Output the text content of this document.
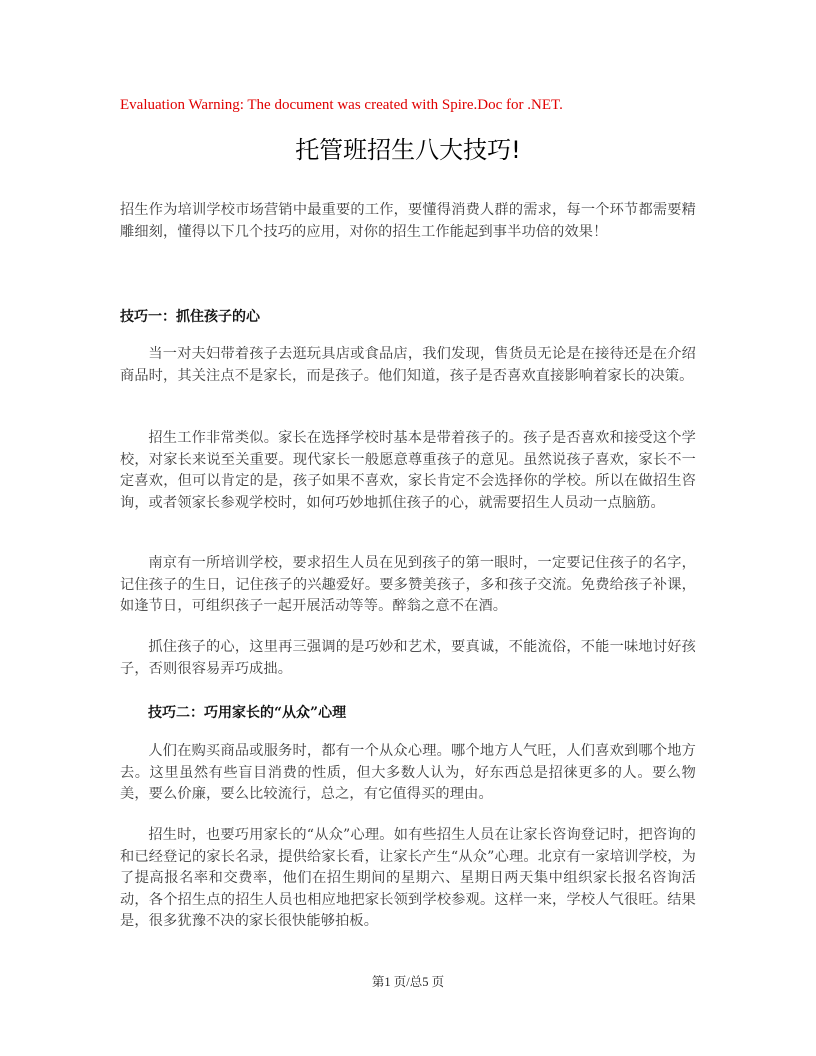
Evaluation Warning: The document was created with Spire.Doc for .NET.
托管班招生八大技巧!

招生作为培训学校市场营销中最重要的工作，要懂得消费人群的需求，每一个环节都需要精雕细刻，懂得以下几个技巧的应用，对你的招生工作能起到事半功倍的效果！

技巧一：抓住孩子的心

当一对夫妇带着孩子去逛玩具店或食品店，我们发现，售货员无论是在接待还是在介绍商品时，其关注点不是家长，而是孩子。他们知道，孩子是否喜欢直接影响着家长的决策。

招生工作非常类似。家长在选择学校时基本是带着孩子的。孩子是否喜欢和接受这个学校，对家长来说至关重要。现代家长一般愿意尊重孩子的意见。虽然说孩子喜欢，家长不一定喜欢，但可以肯定的是，孩子如果不喜欢，家长肯定不会选择你的学校。所以在做招生咨询，或者领家长参观学校时，如何巧妙地抓住孩子的心，就需要招生人员动一点脑筋。

南京有一所培训学校，要求招生人员在见到孩子的第一眼时，一定要记住孩子的名字，记住孩子的生日，记住孩子的兴趣爱好。要多赞美孩子，多和孩子交流。免费给孩子补课，如逢节日，可组织孩子一起开展活动等等。醉翁之意不在酒。

抓住孩子的心，这里再三强调的是巧妙和艺术，要真诚，不能流俗，不能一味地讨好孩子，否则很容易弄巧成拙。

技巧二：巧用家长的“从众”心理

人们在购买商品或服务时，都有一个从众心理。哪个地方人气旺，人们喜欢到哪个地方去。这里虽然有些盲目消费的性质，但大多数人认为，好东西总是招徕更多的人。要么物美，要么价廉，要么比较流行，总之，有它值得买的理由。

招生时，也要巧用家长的“从众”心理。如有些招生人员在让家长咨询登记时，把咨询的和已经登记的家长名录，提供给家长看，让家长产生“从众”心理。北京有一家培训学校，为了提高报名率和交费率，他们在招生期间的星期六、星期日两天集中组织家长报名咨询活动，各个招生点的招生人员也相应地把家长领到学校参观。这样一来，学校人气很旺。结果是，很多犹豫不决的家长很快能够拍板。

第1 页/总5 页
